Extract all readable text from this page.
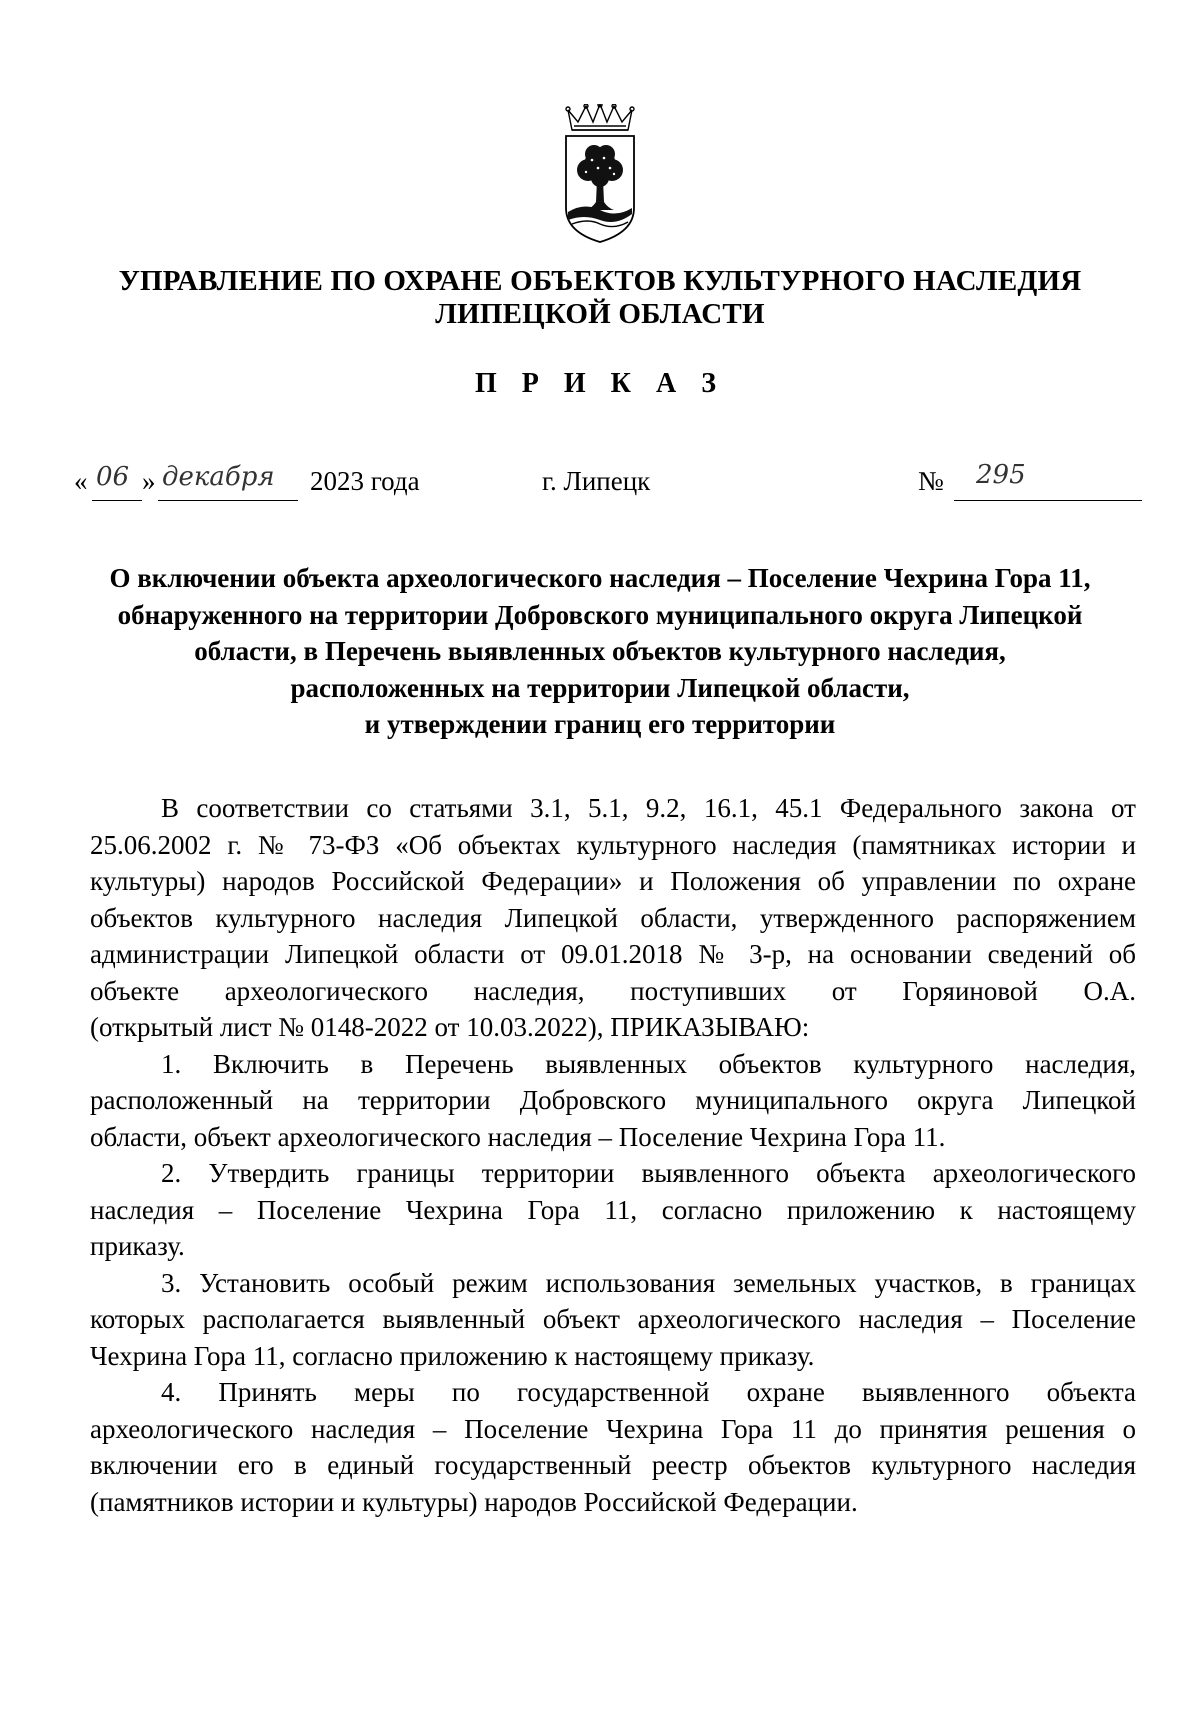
УПРАВЛЕНИЕ ПО ОХРАНЕ ОБЪЕКТОВ КУЛЬТУРНОГО НАСЛЕДИЯ
ЛИПЕЦКОЙ ОБЛАСТИ
П Р И К А З
« 06 » декабря 2023 года	г. Липецк	№ 295
О включении объекта археологического наследия – Поселение Чехрина Гора 11,
обнаруженного на территории Добровского муниципального округа Липецкой
области, в Перечень выявленных объектов культурного наследия,
расположенных на территории Липецкой области,
и утверждении границ его территории
В соответствии со статьями 3.1, 5.1, 9.2, 16.1, 45.1 Федерального закона от
25.06.2002 г. № 73-ФЗ «Об объектах культурного наследия (памятниках истории и
культуры) народов Российской Федерации» и Положения об управлении по охране
объектов культурного наследия Липецкой области, утвержденного распоряжением
администрации Липецкой области от 09.01.2018 № 3-р, на основании сведений об
объекте археологического наследия, поступивших от Горяиновой О.А.
(открытый лист № 0148-2022 от 10.03.2022), ПРИКАЗЫВАЮ:
1. Включить в Перечень выявленных объектов культурного наследия,
расположенный на территории Добровского муниципального округа Липецкой
области, объект археологического наследия – Поселение Чехрина Гора 11.
2. Утвердить границы территории выявленного объекта археологического
наследия – Поселение Чехрина Гора 11, согласно приложению к настоящему
приказу.
3. Установить особый режим использования земельных участков, в границах
которых располагается выявленный объект археологического наследия – Поселение
Чехрина Гора 11, согласно приложению к настоящему приказу.
4. Принять меры по государственной охране выявленного объекта
археологического наследия – Поселение Чехрина Гора 11 до принятия решения о
включении его в единый государственный реестр объектов культурного наследия
(памятников истории и культуры) народов Российской Федерации.
